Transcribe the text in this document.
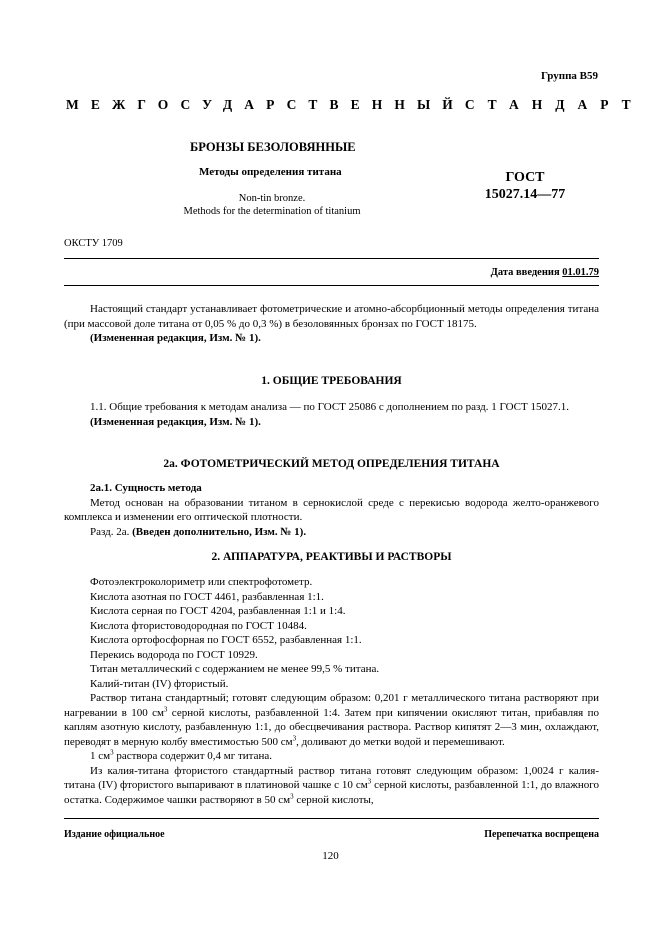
Группа В59
МЕЖГОСУДАРСТВЕННЫЙ СТАНДАРТ
БРОНЗЫ БЕЗОЛОВЯННЫЕ
Методы определения титана
Non-tin bronze.
Methods for the determination of titanium
ГОСТ
15027.14—77
ОКСТУ 1709
Дата введения 01.01.79

Настоящий стандарт устанавливает фотометрические и атомно-абсорбционный методы определения титана (при массовой доле титана от 0,05 % до 0,3 %) в безоловянных бронзах по ГОСТ 18175.

(Измененная редакция, Изм. № 1).

1. ОБЩИЕ ТРЕБОВАНИЯ

1.1. Общие требования к методам анализа — по ГОСТ 25086 с дополнением по разд. 1 ГОСТ 15027.1.

(Измененная редакция, Изм. № 1).

2а. ФОТОМЕТРИЧЕСКИЙ МЕТОД ОПРЕДЕЛЕНИЯ ТИТАНА

2а.1. Сущность метода

Метод основан на образовании титаном в сернокислой среде с перекисью водорода желто-оранжевого комплекса и изменении его оптической плотности.

Разд. 2а. (Введен дополнительно, Изм. № 1).

2. АППАРАТУРА, РЕАКТИВЫ И РАСТВОРЫ
Фотоэлектроколориметр или спектрофотометр.
Кислота азотная по ГОСТ 4461, разбавленная 1:1.
Кислота серная по ГОСТ 4204, разбавленная 1:1 и 1:4.
Кислота фтористоводородная по ГОСТ 10484.
Кислота ортофосфорная по ГОСТ 6552, разбавленная 1:1.
Перекись водорода по ГОСТ 10929.
Титан металлический с содержанием не менее 99,5 % титана.
Калий-титан (IV) фтористый.

Раствор титана стандартный; готовят следующим образом: 0,201 г металлического титана растворяют при нагревании в 100 $см^3$ серной кислоты, разбавленной 1:4. Затем при кипячении окисляют титан, прибавляя по каплям азотную кислоту, разбавленную 1:1, до обесцвечивания раствора. Раствор кипятят 2—3 мин, охлаждают, переводят в мерную колбу вместимостью 500 $см^3$, доливают до метки водой и перемешивают.

1 $см^3$ раствора содержит 0,4 мг титана.

Из калия-титана фтористого стандартный раствор титана готовят следующим образом: 1,0024 г калия-титана (IV) фтористого выпаривают в платиновой чашке с 10 $см^3$ серной кислоты, разбавленной 1:1, до влажного остатка. Содержимое чашки растворяют в 50 $см^3$ серной кислоты,

Издание официальное	Перепечатка воспрещена
120
